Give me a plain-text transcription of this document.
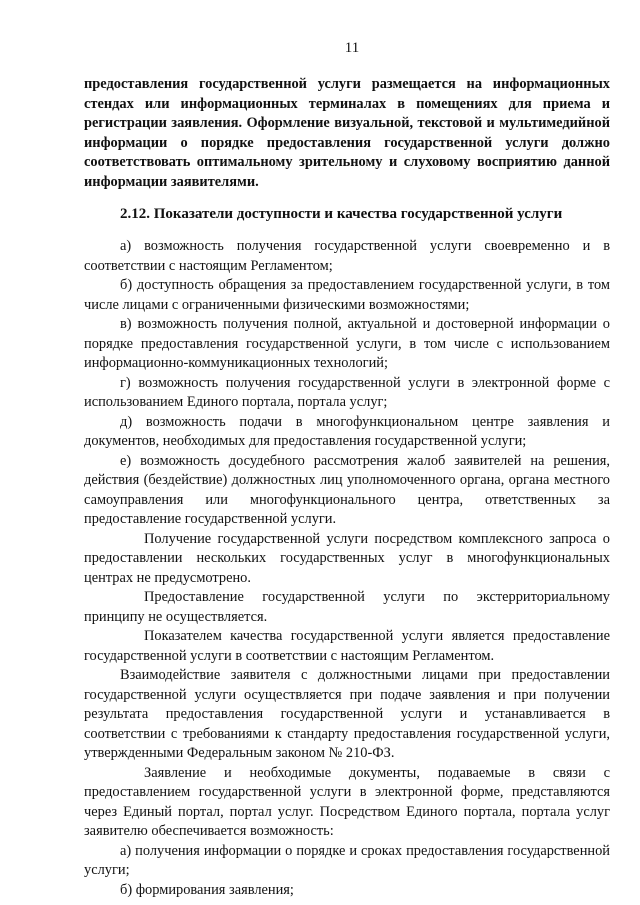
11

предоставления государственной услуги размещается на информационных стендах или информационных терминалах в помещениях для приема и регистрации заявления. Оформление визуальной, текстовой и мультимедийной информации о порядке предоставления государственной услуги должно соответствовать оптимальному зрительному и слуховому восприятию данной информации заявителями.

2.12. Показатели доступности и качества государственной услуги

а) возможность получения государственной услуги своевременно и в соответствии с настоящим Регламентом;

б) доступность обращения за предоставлением государственной услуги, в том числе лицами с ограниченными физическими возможностями;

в) возможность получения полной, актуальной и достоверной информации о порядке предоставления государственной услуги, в том числе с использованием информационно-коммуникационных технологий;

г) возможность получения государственной услуги в электронной форме с использованием Единого портала, портала услуг;

д) возможность подачи в многофункциональном центре заявления и документов, необходимых для предоставления государственной услуги;

е) возможность досудебного рассмотрения жалоб заявителей на решения, действия (бездействие) должностных лиц уполномоченного органа, органа местного самоуправления или многофункционального центра, ответственных за предоставление государственной услуги.

Получение государственной услуги посредством комплексного запроса о предоставлении нескольких государственных услуг в многофункциональных центрах не предусмотрено.

Предоставление государственной услуги по экстерриториальному принципу не осуществляется.

Показателем качества государственной услуги является предоставление государственной услуги в соответствии с настоящим Регламентом.

Взаимодействие заявителя с должностными лицами при предоставлении государственной услуги осуществляется при подаче заявления и при получении результата предоставления государственной услуги и устанавливается в соответствии с требованиями к стандарту предоставления государственной услуги, утвержденными Федеральным законом № 210-ФЗ.

Заявление и необходимые документы, подаваемые в связи с предоставлением государственной услуги в электронной форме, представляются через Единый портал, портал услуг. Посредством Единого портала, портала услуг заявителю обеспечивается возможность:

а) получения информации о порядке и сроках предоставления государственной услуги;

б) формирования заявления;
